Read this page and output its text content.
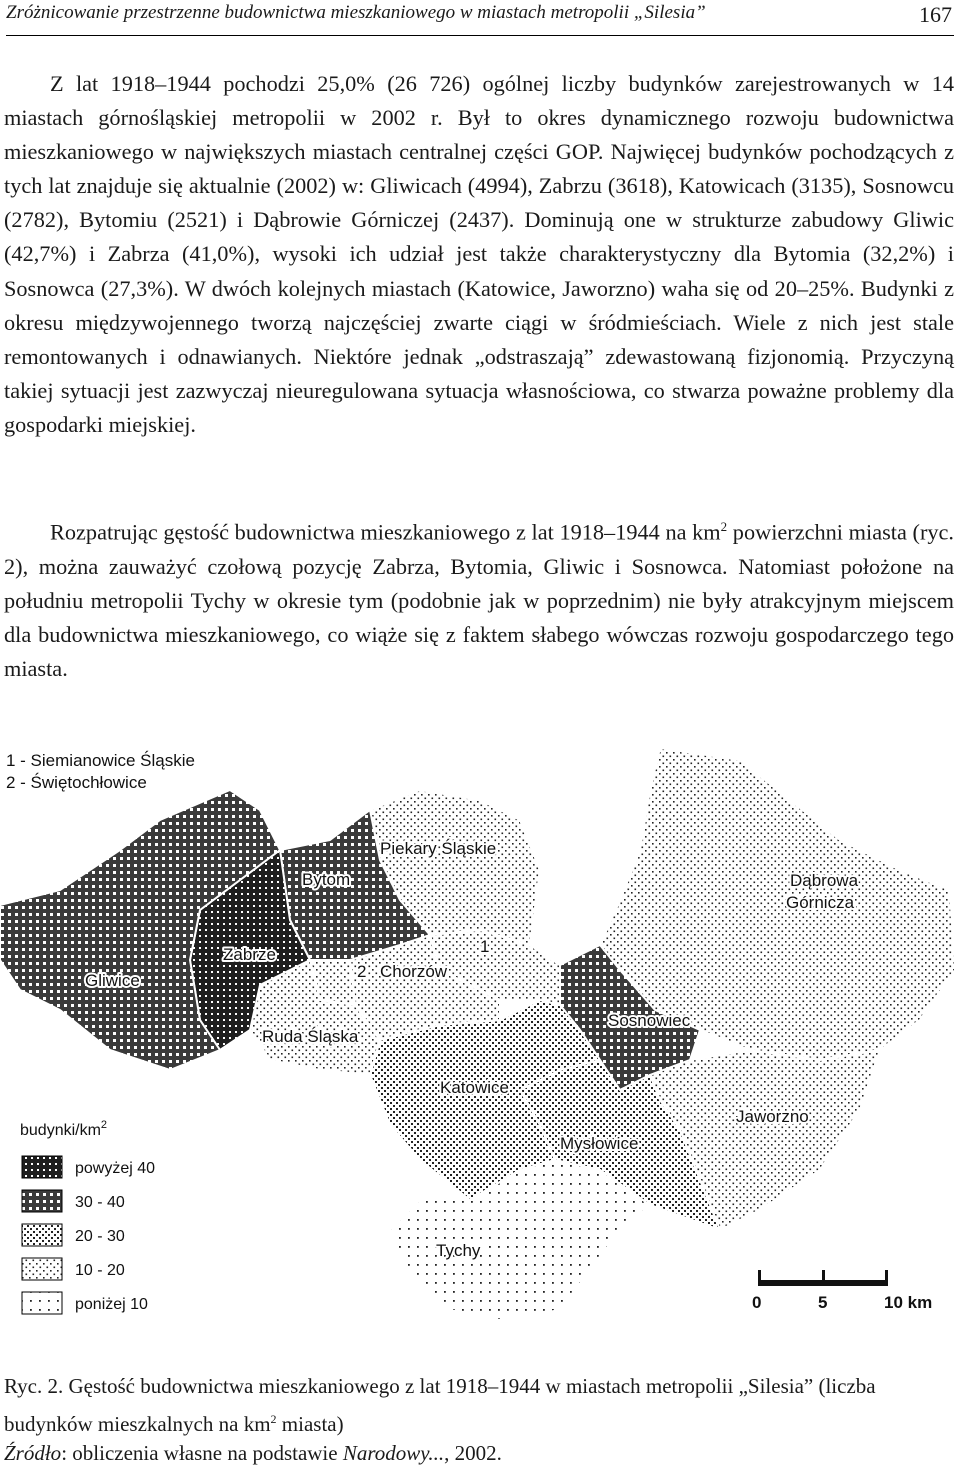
Zróżnicowanie przestrzenne budownictwa mieszkaniowego w miastach metropolii „Silesia”	167
Z lat 1918–1944 pochodzi 25,0% (26 726) ogólnej liczby budynków zarejestrowanych w 14 miastach górnośląskiej metropolii w 2002 r. Był to okres dynamicznego rozwoju budownictwa mieszkaniowego w największych miastach centralnej części GOP. Najwięcej budynków pochodzących z tych lat znajduje się aktualnie (2002) w: Gliwicach (4994), Zabrzu (3618), Katowicach (3135), Sosnowcu (2782), Bytomiu (2521) i Dąbrowie Górniczej (2437). Dominują one w strukturze zabudowy Gliwic (42,7%) i Zabrza (41,0%), wysoki ich udział jest także charakterystyczny dla Bytomia (32,2%) i Sosnowca (27,3%). W dwóch kolejnych miastach (Katowice, Jaworzno) waha się od 20–25%. Budynki z okresu międzywojennego tworzą najczęściej zwarte ciągi w śródmieściach. Wiele z nich jest stale remontowanych i odnawianych. Niektóre jednak „odstraszają” zdewastowaną fizjonomią. Przyczyną takiej sytuacji jest zazwyczaj nieuregulowana sytuacja własnościowa, co stwarza poważne problemy dla gospodarki miejskiej.
Rozpatrując gęstość budownictwa mieszkaniowego z lat 1918–1944 na $km^2$ powierzchni miasta (ryc. 2), można zauważyć czołową pozycję Zabrza, Bytomia, Gliwic i Sosnowca. Natomiast położone na południu metropolii Tychy w okresie tym (podobnie jak w poprzednim) nie były atrakcyjnym miejscem dla budownictwa mieszkaniowego, co wiąże się z faktem słabego wówczas rozwoju gospodarczego tego miasta.
Piekary Śląskie
Bytom	Dąbrowa
Górnicza
Zabrze	1
2 Chorzów
Gliwice
Sosnowiec
Ruda Śląska
Katowice
Jaworzno
Mysłowice
Tychy
1 - Siemianowice Śląskie
2 - Świętochłowice
budynki/$km^2$
powyżej 40
30 - 40
20 - 30
10 - 20
poniżej 10	0	5	10 km
Ryc. 2. Gęstość budownictwa mieszkaniowego z lat 1918–1944 w miastach metropolii „Silesia” (liczba budynków mieszkalnych na $km^2$ miasta)
Źródło: obliczenia własne na podstawie Narodowy..., 2002.
